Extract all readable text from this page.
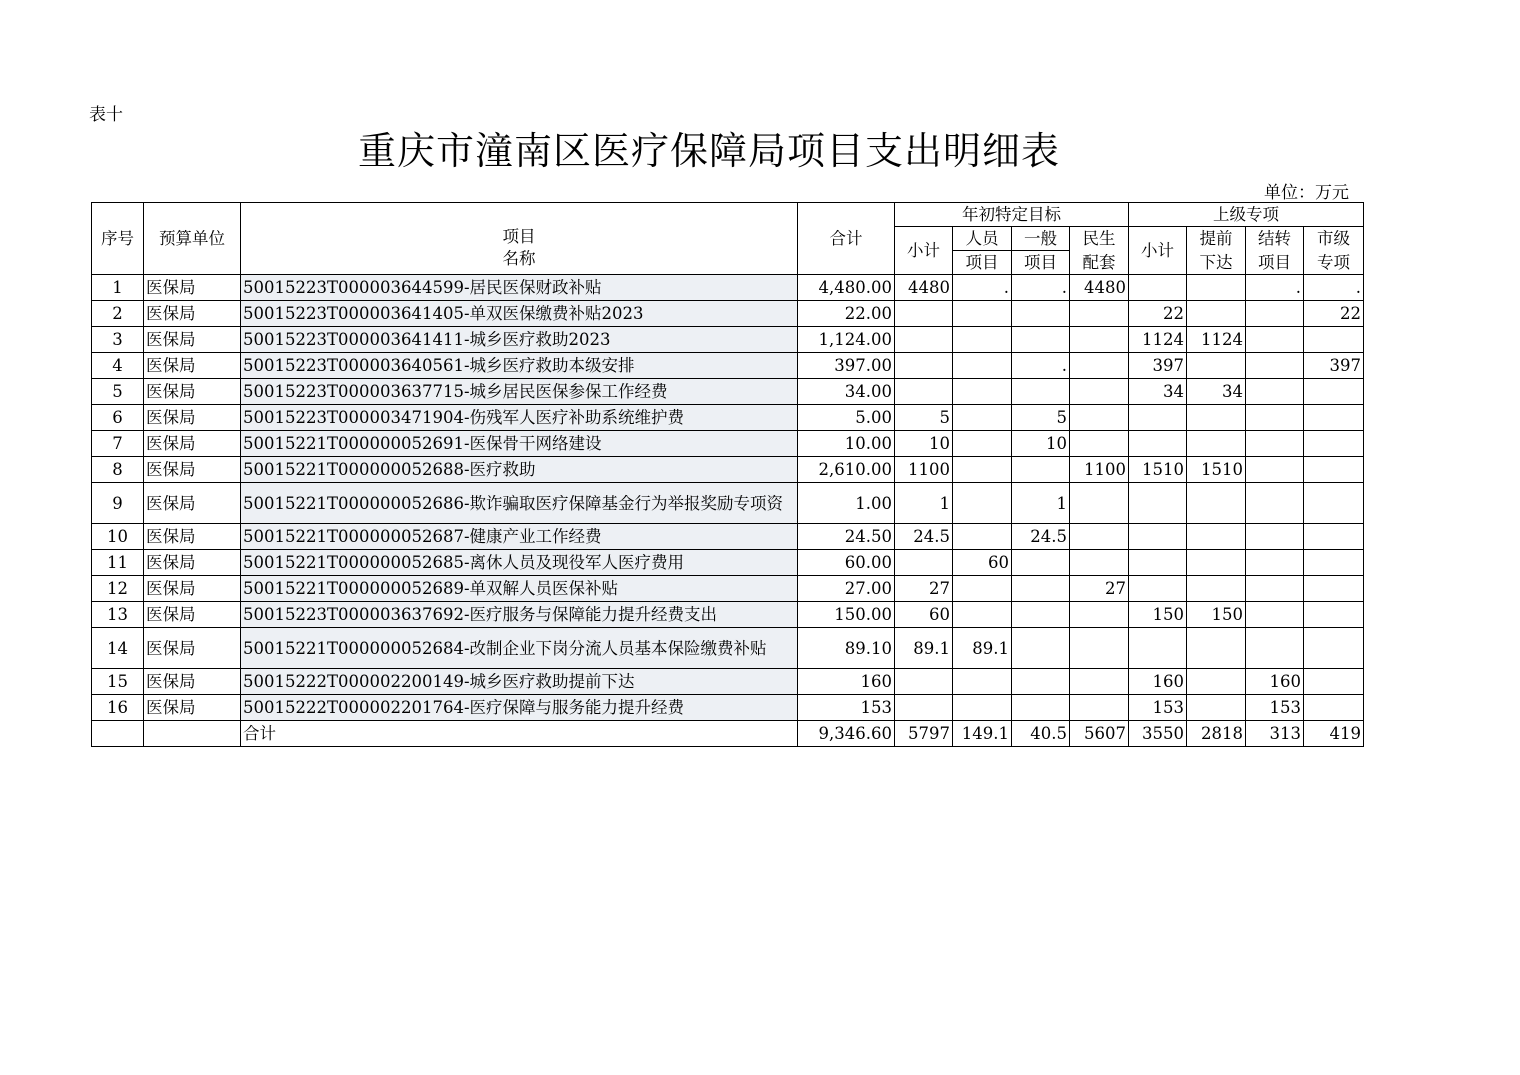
表十
重庆市潼南区医疗保障局项目支出明细表
单位：万元
序号	预算单位	项目
名称	合计	年初特定目标				上级专项			
				小计	人员	一般	民生	小计	提前	结转	市级
					项目	项目	配套		下达	项目	专项
1	医保局	50015223T000003644599-居民医保财政补贴	4,480.00	4480	.	.	4480			.	.
2	医保局	50015223T000003641405-单双医保缴费补贴2023	22.00					22			22
3	医保局	50015223T000003641411-城乡医疗救助2023	1,124.00					1124	1124		
4	医保局	50015223T000003640561-城乡医疗救助本级安排	397.00			.		397			397
5	医保局	50015223T000003637715-城乡居民医保参保工作经费	34.00					34	34		
6	医保局	50015223T000003471904-伤残军人医疗补助系统维护费	5.00	5		5					
7	医保局	50015221T000000052691-医保骨干网络建设	10.00	10		10					
8	医保局	50015221T000000052688-医疗救助	2,610.00	1100			1100	1510	1510		
9	医保局	50015221T000000052686-欺诈骗取医疗保障基金行为举报奖励专项资	1.00	1		1					
10	医保局	50015221T000000052687-健康产业工作经费	24.50	24.5		24.5					
11	医保局	50015221T000000052685-离休人员及现役军人医疗费用	60.00		60						
12	医保局	50015221T000000052689-单双解人员医保补贴	27.00	27			27				
13	医保局	50015223T000003637692-医疗服务与保障能力提升经费支出	150.00	60				150	150		
14	医保局	50015221T000000052684-改制企业下岗分流人员基本保险缴费补贴	89.10	89.1	89.1						
15	医保局	50015222T000002200149-城乡医疗救助提前下达	160					160		160	
16	医保局	50015222T000002201764-医疗保障与服务能力提升经费	153					153		153	
		合计	9,346.60	5797	149.1	40.5	5607	3550	2818	313	419
